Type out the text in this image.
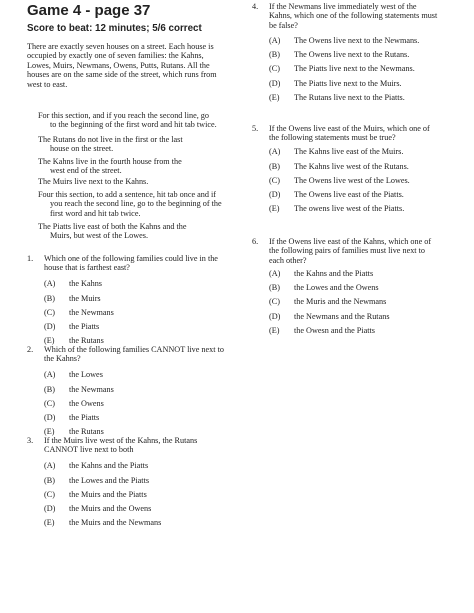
Game 4 - page 37
Score to beat: 12 minutes; 5/6 correct
There are exactly seven houses on a street. Each house is
occupied by exactly one of seven families: the Kahns,
Lowes, Muirs, Newmans, Owens, Putts, Rutans. All the
houses are on the same side of the street, which runs from
west to east.
For this section, and if you reach the second line, go
to the beginning of the first word and hit tab twice.
The Rutans do not live in the first or the last
house on the street.
The Kahns live in the fourth house from the
west end of the street.
The Muirs live next to the Kahns.
Four this section, to add a sentence, hit tab once and if
you reach the second line, go to the beginning of the
first word and hit tab twice.
The Piatts live east of both the Kahns and the
Muirs, but west of the Lowes.
1.	Which one of the following families could live in the
house that is farthest east?
(A)	the Kahns
(B)	the Muirs
(C)	the Newmans
(D)	the Piatts
(E)	the Rutans
2.	Which of the following families CANNOT live next to
the Kahns?
(A)	the Lowes
(B)	the Newmans
(C)	the Owens
(D)	the Piatts
(E)	the Rutans
3.	If the Muirs live west of the Kahns, the Rutans
CANNOT live next to both
(A)	the Kahns and the Piatts
(B)	the Lowes and the Piatts
(C)	the Muirs and the Piatts
(D)	the Muirs and the Owens
(E)	the Muirs and the Newmans
4.	If the Newmans live immediately west of the
Kahns, which one of the following statements must
be false?
(A)	The Owens live next to the Newmans.
(B)	The Owens live next to the Rutans.
(C)	The Piatts live next to the Newmans.
(D)	The Piatts live next to the Muirs.
(E)	The Rutans live next to the Piatts.
5.	If the Owens live east of the Muirs, which one of
the following statements must be true?
(A)	The Kahns live east of the Muirs.
(B)	The Kahns live west of the Rutans.
(C)	The Owens live west of the Lowes.
(D)	The Owens live east of the Piatts.
(E)	The owens live west of the Piatts.
6.	If the Owens live east of the Kahns, which one of
the following pairs of families must live next to
each other?
(A)	the Kahns and the Piatts
(B)	the Lowes and the Owens
(C)	the Muris and the Newmans
(D)	the Newmans and the Rutans
(E)	the Owesn and the Piatts
